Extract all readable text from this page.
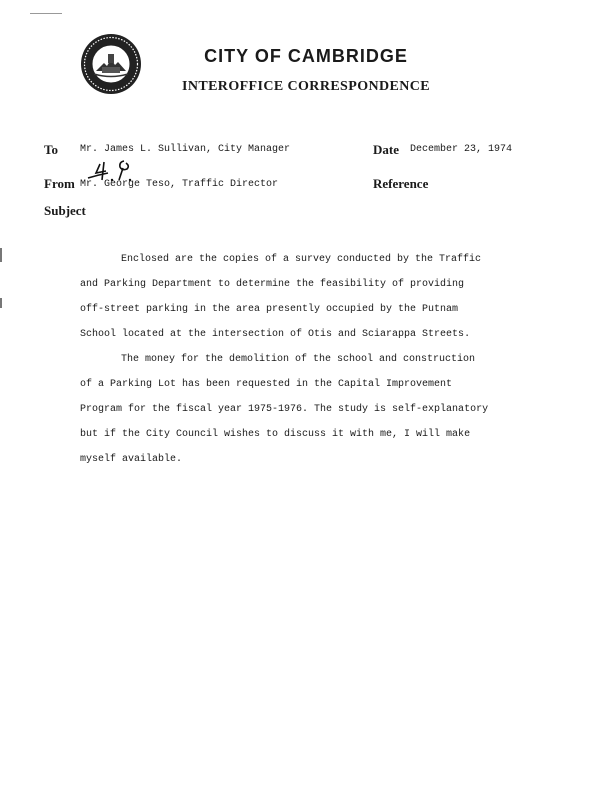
CITY OF CAMBRIDGE
INTEROFFICE CORRESPONDENCE
To Mr. James L. Sullivan, City Manager	Date December 23, 1974
From Mr. George Teso, Traffic Director	Reference
Subject
Enclosed are the copies of a survey conducted by the Traffic
and Parking Department to determine the feasibility of providing
off-street parking in the area presently occupied by the Putnam
School located at the intersection of Otis and Sciarappa Streets.
The money for the demolition of the school and construction
of a Parking Lot has been requested in the Capital Improvement
Program for the fiscal year 1975-1976. The study is self-explanatory
but if the City Council wishes to discuss it with me, I will make
myself available.
